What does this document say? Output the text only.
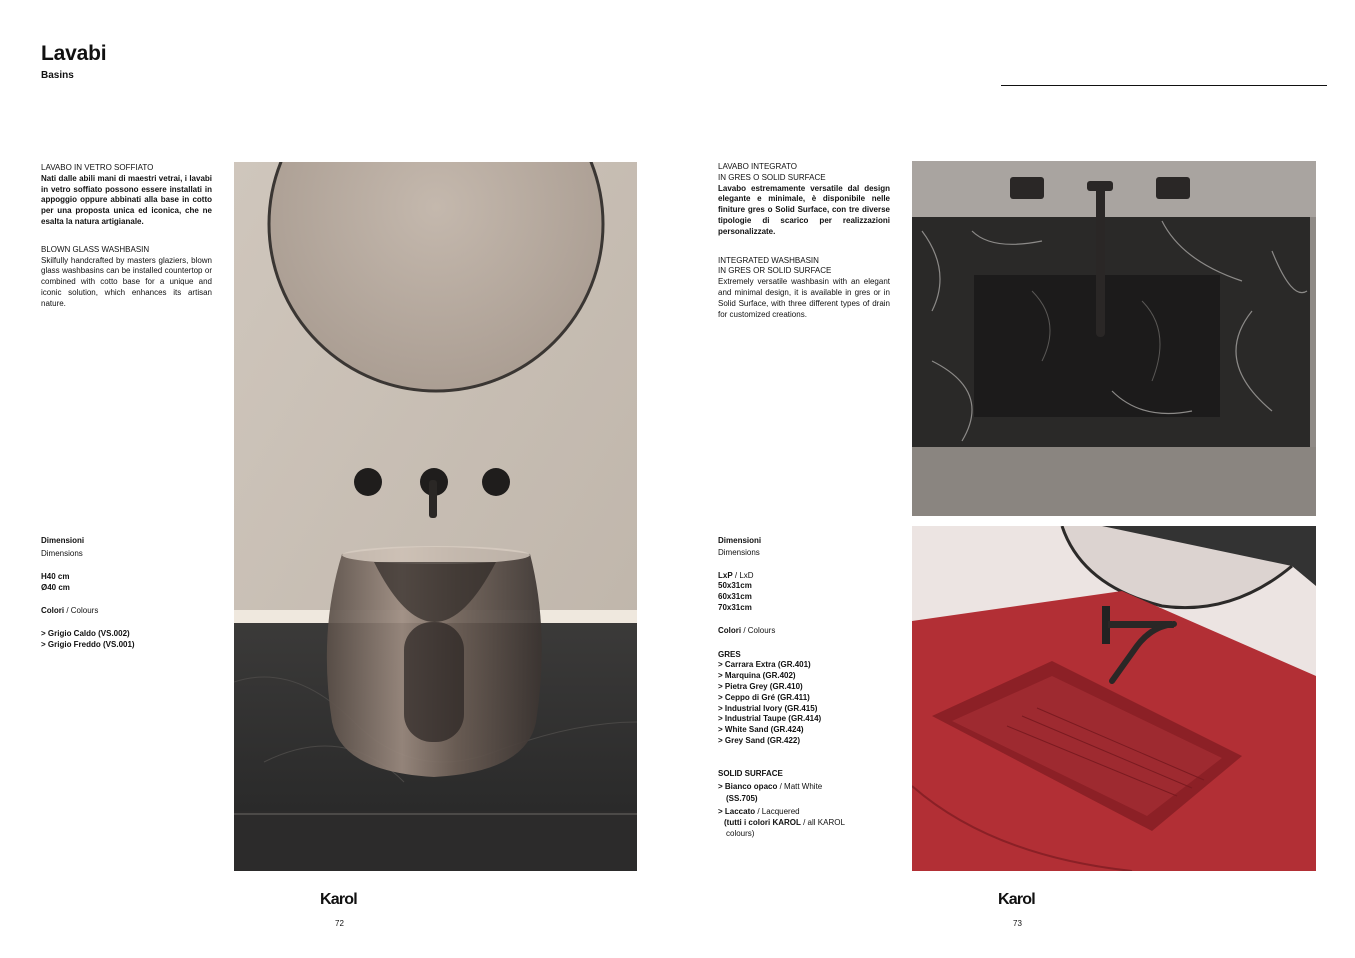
Lavabi
Basins
LAVABO IN VETRO SOFFIATO
Nati dalle abili mani di maestri vetrai, i lavabi in vetro soffiato possono essere installati in appoggio oppure abbinati alla base in cotto per una proposta unica ed iconica, che ne esalta la natura artigianale.
BLOWN GLASS WASHBASIN
Skilfully handcrafted by masters glaziers, blown glass washbasins can be installed countertop or combined with cotto base for a unique and iconic solution, which enhances its artisan nature.
Dimensioni
Dimensions
H40 cm
Ø40 cm
Colori / Colours
> Grigio Caldo (VS.002)
> Grigio Freddo (VS.001)
Karol
72
LAVABO INTEGRATO
IN GRES O SOLID SURFACE
Lavabo estremamente versatile dal design elegante e minimale, è disponibile nelle finiture gres o Solid Surface, con tre diverse tipologie di scarico per realizzazioni personalizzate.
INTEGRATED WASHBASIN
IN GRES OR SOLID SURFACE
Extremely versatile washbasin with an elegant and minimal design, it is available in gres or in Solid Surface, with three different types of drain for customized creations.
Dimensioni
Dimensions
LxP / LxD
50x31cm
60x31cm
70x31cm
Colori / Colours
GRES
> Carrara Extra (GR.401)
> Marquina (GR.402)
> Pietra Grey (GR.410)
> Ceppo di Gré (GR.411)
> Industrial Ivory (GR.415)
> Industrial Taupe (GR.414)
> White Sand (GR.424)
> Grey Sand (GR.422)
SOLID SURFACE
> Bianco opaco / Matt White
(SS.705)
> Laccato / Lacquered
(tutti i colori KAROL / all KAROL
colours)
Karol
73
